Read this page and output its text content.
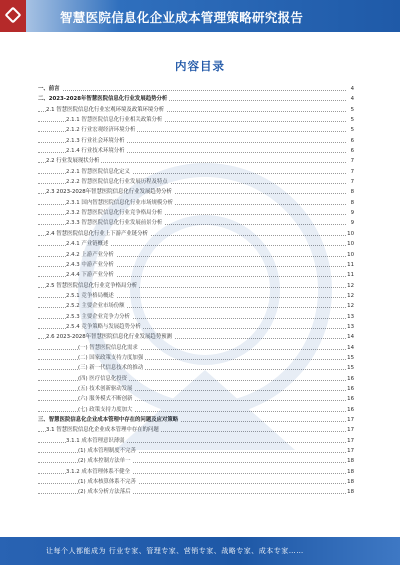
智慧医院信息化企业成本管理策略研究报告
内容目录
一、前言	4
二、2023-2028年智慧医院信息化行业发展趋势分析	4
2.1 智慧医院信息化行业宏观环境及政策环境分析	5
2.1.1 智慧医院信息化行业相关政策分析	5
2.1.2 行业宏观经济环境分析	5
2.1.3 行业社会环境分析	6
2.1.4 行业技术环境分析	6
2.2 行业发展现状分析	7
2.2.1 智慧医院信息化定义	7
2.2.2 智慧医院信息化行业发展历程及特点	7
2.3 2023-2028年智慧医院信息化行业发展趋势分析	8
2.3.1 国内智慧医院信息化行业市场规模分析	8
2.3.2 智慧医院信息化行业竞争格局分析	9
2.3.3 智慧医院信息化行业发展前景分析	9
2.4 智慧医院信息化行业上下游产业链分析	10
2.4.1 产业链概述	10
2.4.2 上游产业分析	10
2.4.3 中游产业分析	11
2.4.4 下游产业分析	11
2.5 智慧医院信息化行业竞争格局分析	12
2.5.1 竞争格局概述	12
2.5.2 主要企业市场份额	12
2.5.3 主要企业竞争力分析	13
2.5.4 竞争策略与发展趋势分析	13
2.6 2023-2028年智慧医院信息化行业发展趋势预测	14
(一) 智慧医院信息化需求	14
(二) 国家政策支持力度加强	15
(三) 新一代信息技术的推动	15
(四) 医疗信息化投资	16
(五) 技术创新驱动发展	16
(六) 服务模式不断创新	16
(七) 政策支持力度加大	16
三、智慧医院信息化企业成本管理中存在的问题及应对策略	17
3.1 智慧医院信息化企业成本管理中存在的问题	17
3.1.1 成本管理意识薄弱	17
(1) 成本管理制度不完善	17
(2) 成本控制方法单一	18
3.1.2 成本管理体系不健全	18
(1) 成本核算体系不完善	18
(2) 成本分析方法落后	18
让每个人都能成为 行业专家、管理专家、营销专家、战略专家、成本专家……
